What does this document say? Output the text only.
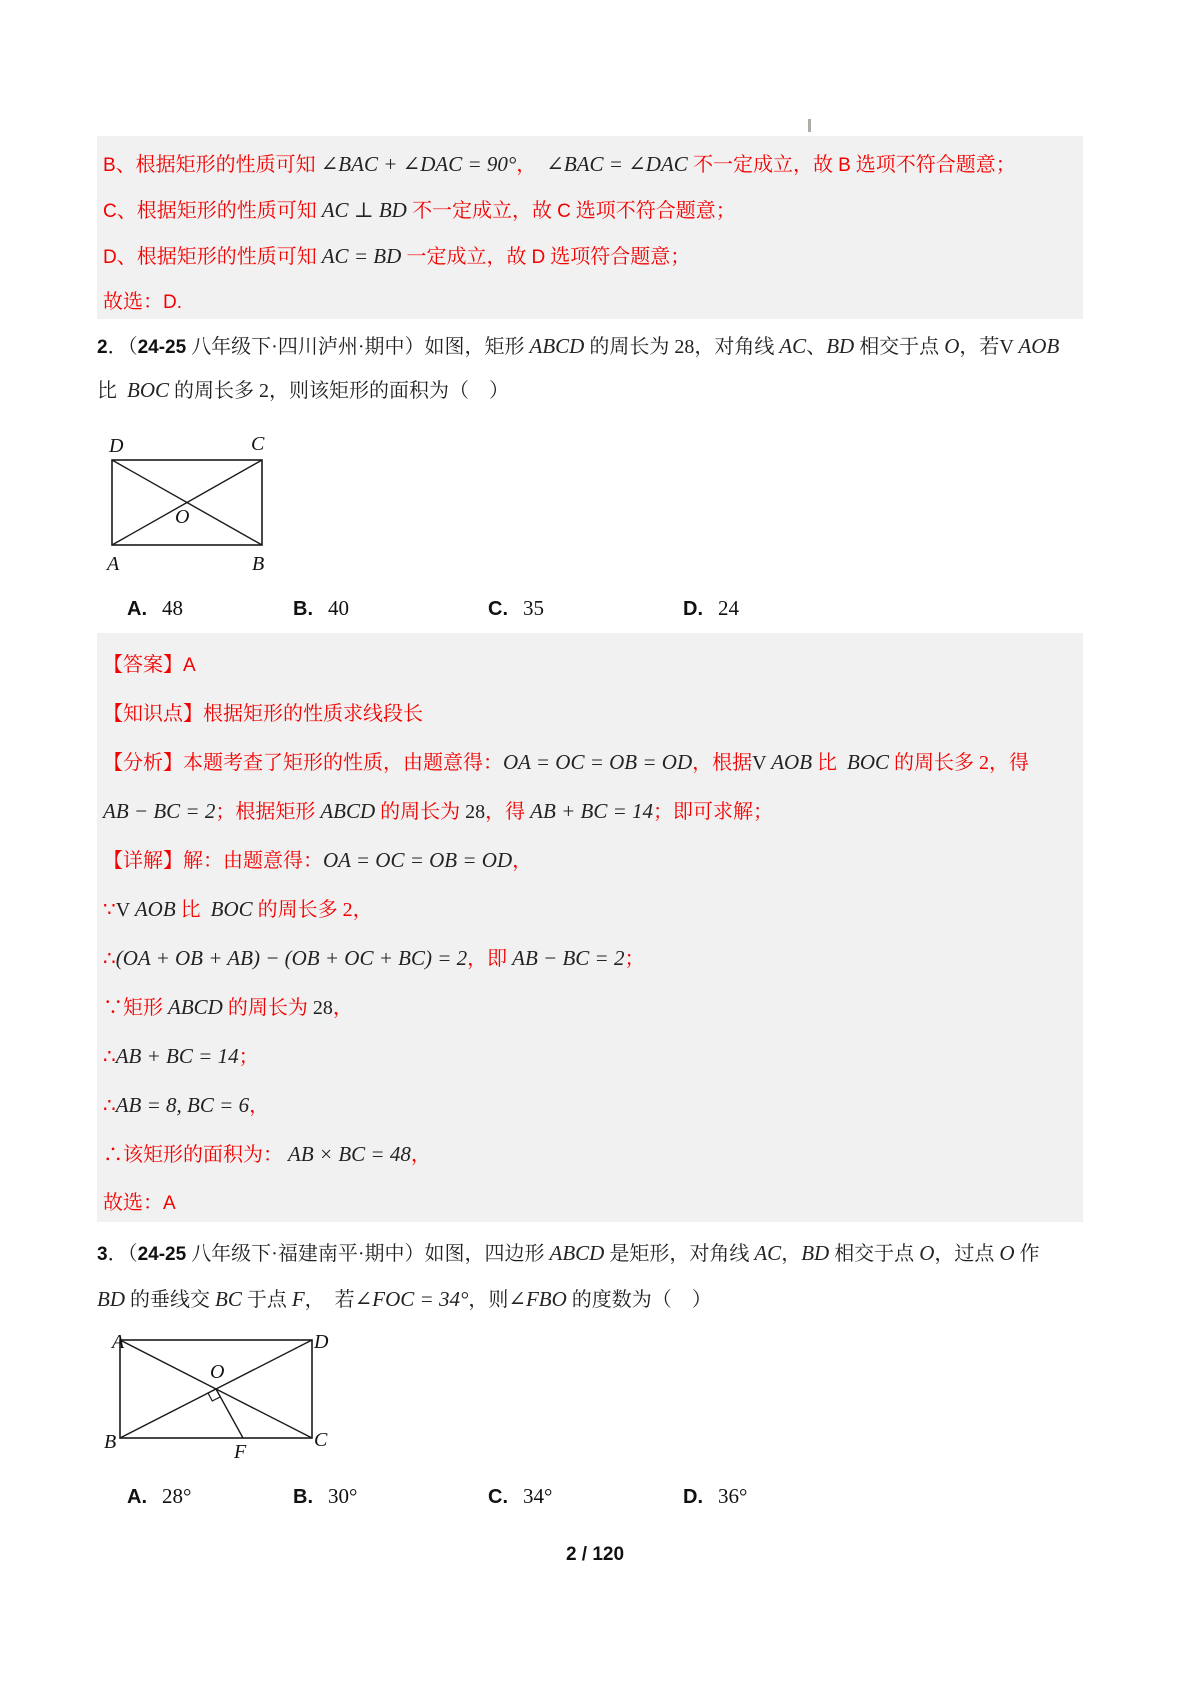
B、根据矩形的性质可知 ∠BAC + ∠DAC = 90°，  ∠BAC = ∠DAC 不一定成立，故 B 选项不符合题意；
C、根据矩形的性质可知 AC ⊥ BD 不一定成立，故 C 选项不符合题意；
D、根据矩形的性质可知 AC = BD 一定成立，故 D 选项符合题意；
故选：D.
2．（24-25 八年级下·四川泸州·期中）如图，矩形 ABCD 的周长为 28，对角线 AC、BD 相交于点 O，若V AOB
比  BOC 的周长多 2，则该矩形的面积为（　）
D	C
A	B
O
A. 48	B. 40	C. 35	D. 24
【答案】A
【知识点】根据矩形的性质求线段长
【分析】本题考查了矩形的性质，由题意得：OA = OC = OB = OD，根据V AOB 比  BOC 的周长多 2，得
AB − BC = 2；根据矩形 ABCD 的周长为 28，得 AB + BC = 14；即可求解；
【详解】解：由题意得：OA = OC = OB = OD，
∵V AOB 比  BOC 的周长多 2，
∴(OA + OB + AB) − (OB + OC + BC) = 2，即 AB − BC = 2；
∵矩形 ABCD 的周长为 28，
∴AB + BC = 14；
∴AB = 8, BC = 6，
∴该矩形的面积为： AB × BC = 48，
故选：A
3．（24-25 八年级下·福建南平·期中）如图，四边形 ABCD 是矩形，对角线 AC，BD 相交于点 O，过点 O 作
BD 的垂线交 BC 于点 F，　若∠FOC = 34°，则∠FBO 的度数为（　）
A	D
B	C
O
F
A. 28°	B. 30°	C. 34°	D. 36°
2 / 120
